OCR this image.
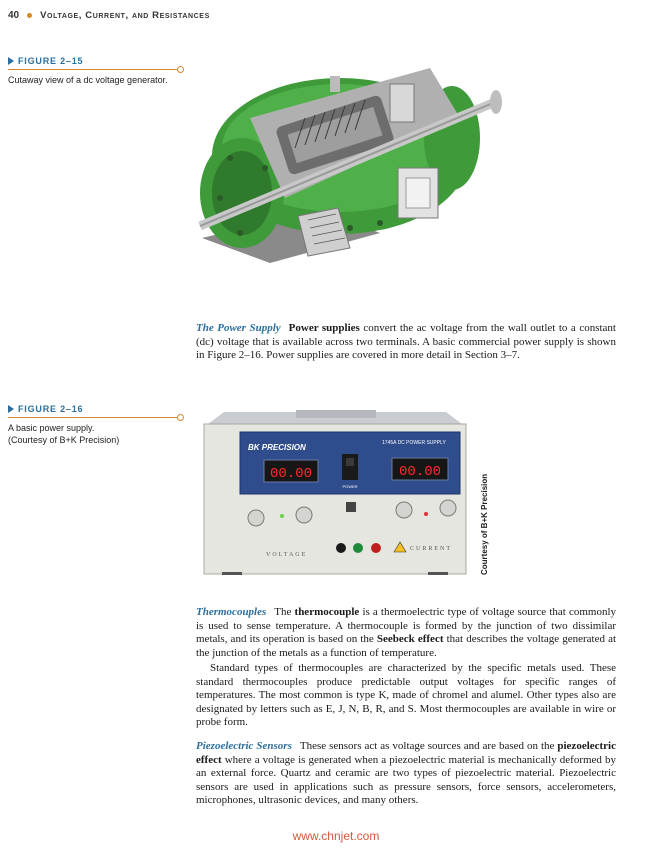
40 Voltage, Current, and Resistances
FIGURE 2–15
Cutaway view of a dc voltage generator.
The Power Supply Power supplies convert the ac voltage from the wall outlet to a constant (dc) voltage that is available across two terminals. A basic commercial power supply is shown in Figure 2–16. Power supplies are covered in more detail in Section 3–7.
FIGURE 2–16
A basic power supply.
(Courtesy of B+K Precision)
BK PRECISION	1745A DC POWER SUPPLY
00.00
POWER
00.00
VOLTAGE
CURRENT	Courtesy of B+K Precision
Thermocouples The thermocouple is a thermoelectric type of voltage source that commonly is used to sense temperature. A thermocouple is formed by the junction of two dissimilar metals, and its operation is based on the Seebeck effect that describes the voltage generated at the junction of the metals as a function of temperature.
Standard types of thermocouples are characterized by the specific metals used. These standard thermocouples produce predictable output voltages for specific ranges of temperatures. The most common is type K, made of chromel and alumel. Other types also are designated by letters such as E, J, N, B, R, and S. Most thermocouples are available in wire or probe form.
Piezoelectric Sensors These sensors act as voltage sources and are based on the piezoelectric effect where a voltage is generated when a piezoelectric material is mechanically deformed by an external force. Quartz and ceramic are two types of piezoelectric material. Piezoelectric sensors are used in applications such as pressure sensors, force sensors, accelerometers, microphones, ultrasonic devices, and many others.
www.chnjet.com
